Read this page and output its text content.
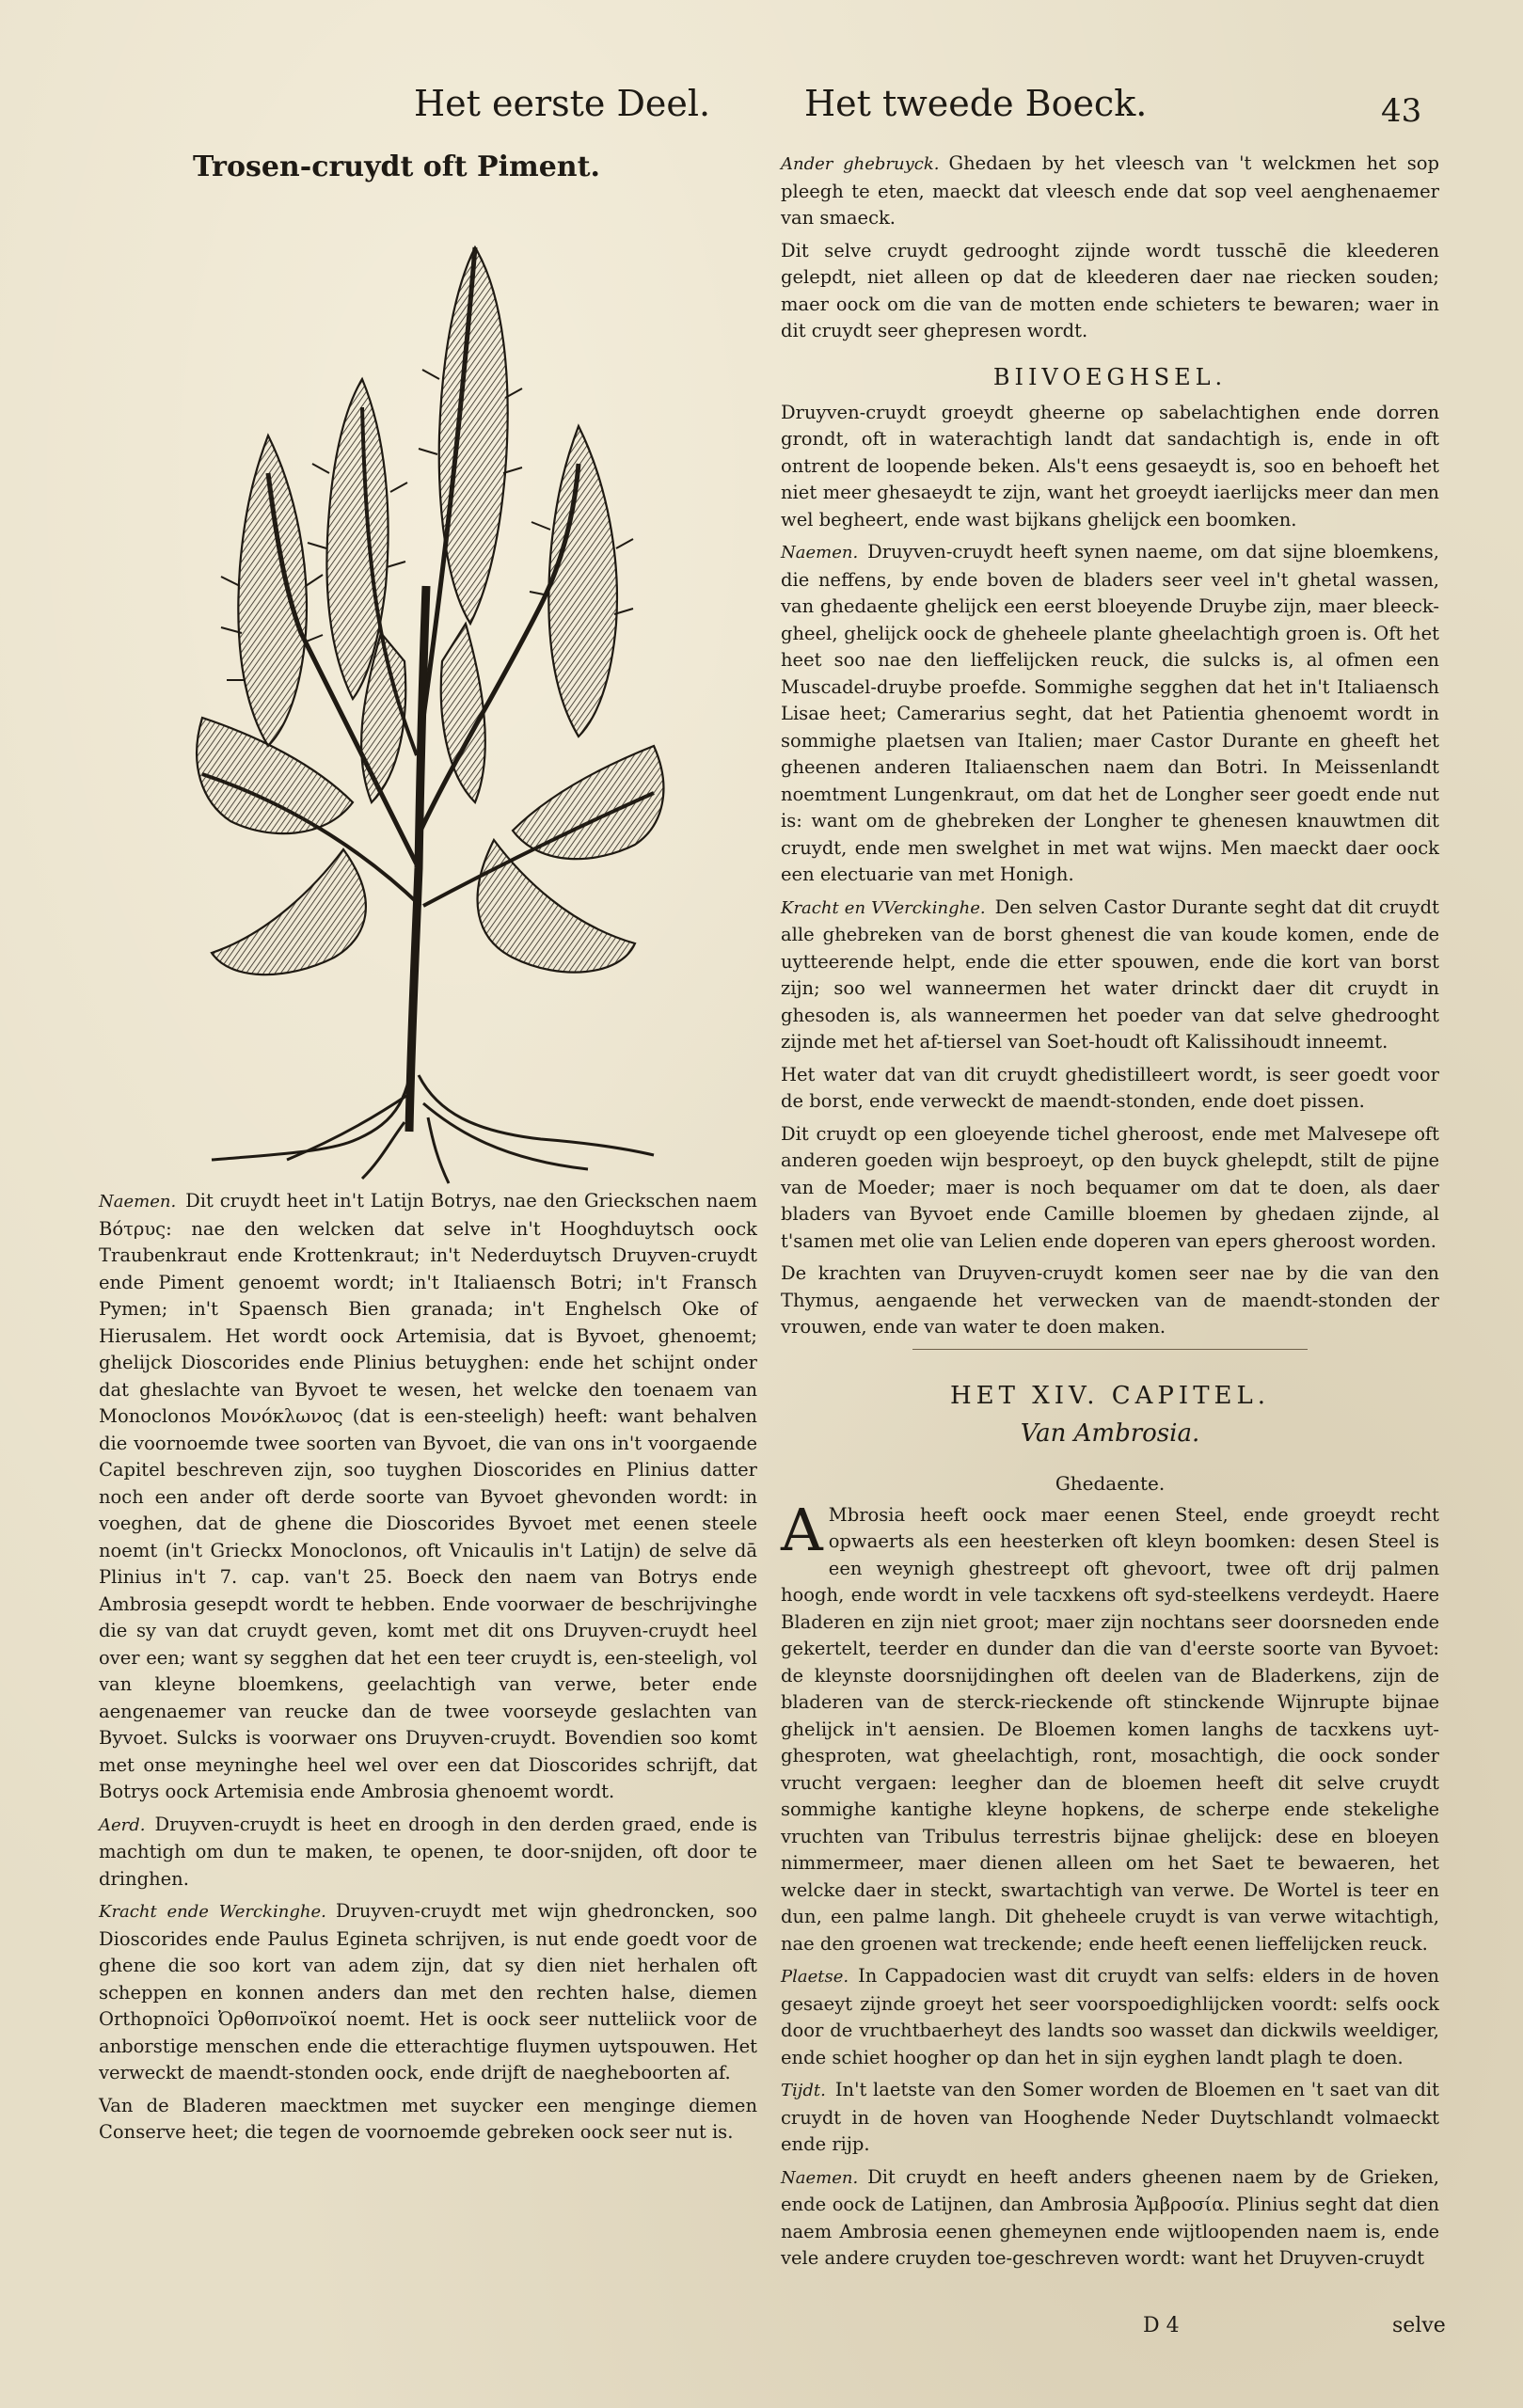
Het eerste Deel.	Het tweede Boeck.	43
Trosen-cruydt oft Piment.

Naemen. Dit cruydt heet in't Latijn Botrys, nae den Grieckschen naem Βότρυς: nae den welcken dat selve in't Hooghduytsch oock Traubenkraut ende Krottenkraut; in't Nederduytsch Druyven-cruydt ende Piment genoemt wordt; in't Italiaensch Botri; in't Fransch Pymen; in't Spaensch Bien granada; in't Enghelsch Oke of Hierusalem. Het wordt oock Artemisia, dat is Byvoet, ghenoemt; ghelijck Dioscorides ende Plinius betuyghen: ende het schijnt onder dat gheslachte van Byvoet te wesen, het welcke den toenaem van Monoclonos Μονόκλωνος (dat is een-steeligh) heeft: want behalven die voornoemde twee soorten van Byvoet, die van ons in't voorgaende Capitel beschreven zijn, soo tuyghen Dioscorides en Plinius datter noch een ander oft derde soorte van Byvoet ghevonden wordt: in voeghen, dat de ghene die Dioscorides Byvoet met eenen steele noemt (in't Grieckx Monoclonos, oft Vnicaulis in't Latijn) de selve dā Plinius in't 7. cap. van't 25. Boeck den naem van Botrys ende Ambrosia gesepdt wordt te hebben. Ende voorwaer de beschrijvinghe die sy van dat cruydt geven, komt met dit ons Druyven-cruydt heel over een; want sy segghen dat het een teer cruydt is, een-steeligh, vol van kleyne bloemkens, geelachtigh van verwe, beter ende aengenaemer van reucke dan de twee voorseyde geslachten van Byvoet. Sulcks is voorwaer ons Druyven-cruydt. Bovendien soo komt met onse meyninghe heel wel over een dat Dioscorides schrijft, dat Botrys oock Artemisia ende Ambrosia ghenoemt wordt.

Aerd. Druyven-cruydt is heet en droogh in den derden graed, ende is machtigh om dun te maken, te openen, te door-snijden, oft door te dringhen.

Kracht ende Werckinghe. Druyven-cruydt met wijn ghedroncken, soo Dioscorides ende Paulus Egineta schrijven, is nut ende goedt voor de ghene die soo kort van adem zijn, dat sy dien niet herhalen oft scheppen en konnen anders dan met den rechten halse, diemen Orthopnoïci Ὀρθοπνοϊκοί noemt. Het is oock seer nutteliick voor de anborstige menschen ende die etterachtige fluymen uytspouwen. Het verweckt de maendt-stonden oock, ende drijft de naegheboorten af.

Van de Bladeren maecktmen met suycker een menginge diemen Conserve heet; die tegen de voornoemde gebreken oock seer nut is.

Ander ghebruyck. Ghedaen by het vleesch van 't welckmen het sop pleegh te eten, maeckt dat vleesch ende dat sop veel aenghenaemer van smaeck.

Dit selve cruydt gedrooght zijnde wordt tusschē die kleederen gelepdt, niet alleen op dat de kleederen daer nae riecken souden; maer oock om die van de motten ende schieters te bewaren; waer in dit cruydt seer ghepresen wordt.

BIIVOEGHSEL.

Druyven-cruydt groeydt gheerne op sabelachtighen ende dorren grondt, oft in waterachtigh landt dat sandachtigh is, ende in oft ontrent de loopende beken. Als't eens gesaeydt is, soo en behoeft het niet meer ghesaeydt te zijn, want het groeydt iaerlijcks meer dan men wel begheert, ende wast bijkans ghelijck een boomken.

Naemen. Druyven-cruydt heeft synen naeme, om dat sijne bloemkens, die neffens, by ende boven de bladers seer veel in't ghetal wassen, van ghedaente ghelijck een eerst bloeyende Druybe zijn, maer bleeck-gheel, ghelijck oock de gheheele plante gheelachtigh groen is. Oft het heet soo nae den lieffelijcken reuck, die sulcks is, al ofmen een Muscadel-druybe proefde. Sommighe segghen dat het in't Italiaensch Lisae heet; Camerarius seght, dat het Patientia ghenoemt wordt in sommighe plaetsen van Italien; maer Castor Durante en gheeft het gheenen anderen Italiaenschen naem dan Botri. In Meissenlandt noemtment Lungenkraut, om dat het de Longher seer goedt ende nut is: want om de ghebreken der Longher te ghenesen knauwtmen dit cruydt, ende men swelghet in met wat wijns. Men maeckt daer oock een electuarie van met Honigh.

Kracht en VVerckinghe. Den selven Castor Durante seght dat dit cruydt alle ghebreken van de borst ghenest die van koude komen, ende de uytteerende helpt, ende die etter spouwen, ende die kort van borst zijn; soo wel wanneermen het water drinckt daer dit cruydt in ghesoden is, als wanneermen het poeder van dat selve ghedrooght zijnde met het af-tiersel van Soet-houdt oft Kalissihoudt inneemt.

Het water dat van dit cruydt ghedistilleert wordt, is seer goedt voor de borst, ende verweckt de maendt-stonden, ende doet pissen.

Dit cruydt op een gloeyende tichel gheroost, ende met Malvesepe oft anderen goeden wijn besproeyt, op den buyck ghelepdt, stilt de pijne van de Moeder; maer is noch bequamer om dat te doen, als daer bladers van Byvoet ende Camille bloemen by ghedaen zijnde, al t'samen met olie van Lelien ende doperen van epers gheroost worden.

De krachten van Druyven-cruydt komen seer nae by die van den Thymus, aengaende het verwecken van de maendt-stonden der vrouwen, ende van water te doen maken.

HET XIV. CAPITEL.
Van Ambrosia.
Ghedaente.

A Mbrosia heeft oock maer eenen Steel, ende groeydt recht opwaerts als een heesterken oft kleyn boomken: desen Steel is een weynigh ghestreept oft ghevoort, twee oft drij palmen hoogh, ende wordt in vele tacxkens oft syd-steelkens verdeydt. Haere Bladeren en zijn niet groot; maer zijn nochtans seer doorsneden ende gekertelt, teerder en dunder dan die van d'eerste soorte van Byvoet: de kleynste doorsnijdinghen oft deelen van de Bladerkens, zijn de bladeren van de sterck-rieckende oft stinckende Wijnrupte bijnae ghelijck in't aensien. De Bloemen komen langhs de tacxkens uyt-ghesproten, wat gheelachtigh, ront, mosachtigh, die oock sonder vrucht vergaen: leegher dan de bloemen heeft dit selve cruydt sommighe kantighe kleyne hopkens, de scherpe ende stekelighe vruchten van Tribulus terrestris bijnae ghelijck: dese en bloeyen nimmermeer, maer dienen alleen om het Saet te bewaeren, het welcke daer in steckt, swartachtigh van verwe. De Wortel is teer en dun, een palme langh. Dit gheheele cruydt is van verwe witachtigh, nae den groenen wat treckende; ende heeft eenen lieffelijcken reuck.

Plaetse. In Cappadocien wast dit cruydt van selfs: elders in de hoven gesaeyt zijnde groeyt het seer voorspoedighlijcken voordt: selfs oock door de vruchtbaerheyt des landts soo wasset dan dickwils weeldiger, ende schiet hoogher op dan het in sijn eyghen landt plagh te doen.

Tijdt. In't laetste van den Somer worden de Bloemen en 't saet van dit cruydt in de hoven van Hooghende Neder Duytschlandt volmaeckt ende rijp.

Naemen. Dit cruydt en heeft anders gheenen naem by de Grieken, ende oock de Latijnen, dan Ambrosia Ἀμβροσία. Plinius seght dat dien naem Ambrosia eenen ghemeynen ende wijtloopenden naem is, ende vele andere cruyden toe-geschreven wordt: want het Druyven-cruydt

D 4	selve
